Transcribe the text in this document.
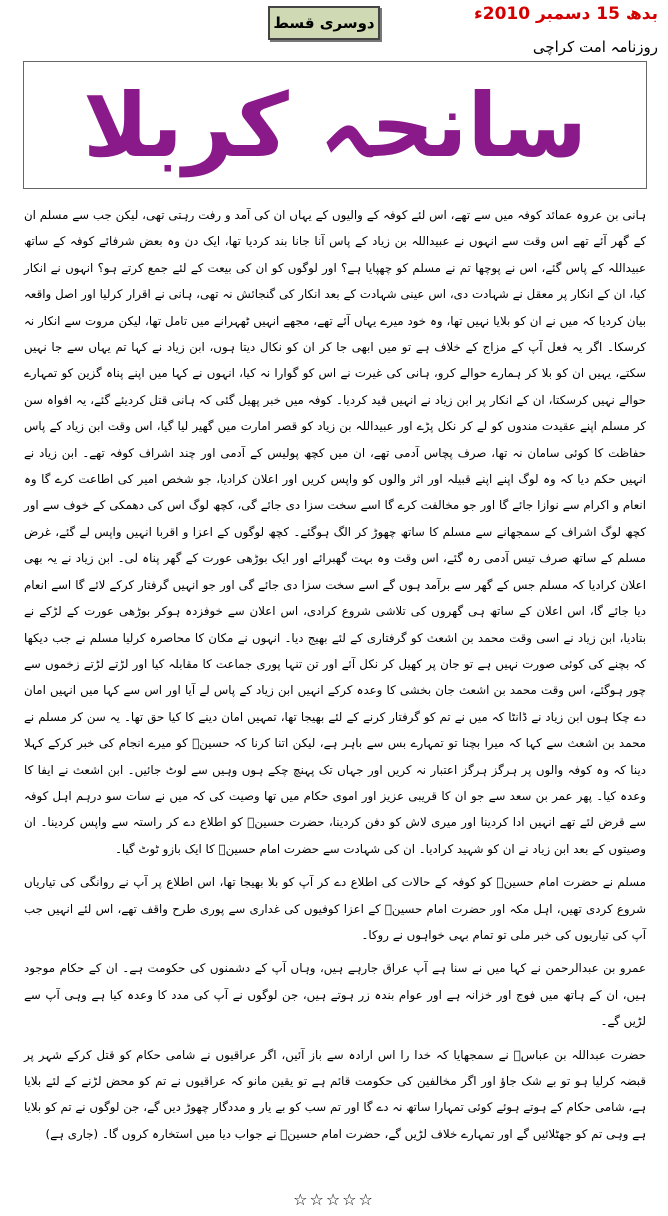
بدھ 15 دسمبر 2010ء
دوسری قسط
روزنامہ امت کراچی
سانحہ کربلا

ہانی بن عروہ عمائد کوفہ میں سے تھے، اس لئے کوفہ کے والیوں کے یہاں ان کی آمد و رفت رہتی تھی، لیکن جب سے مسلم ان کے گھر آئے تھے اس وقت سے انہوں نے عبیداللہ بن زیاد کے پاس آنا جانا بند کردیا تھا، ایک دن وہ بعض شرفائے کوفہ کے ساتھ عبیداللہ کے پاس گئے، اس نے پوچھا تم نے مسلم کو چھپایا ہے؟ اور لوگوں کو ان کی بیعت کے لئے جمع کرتے ہو؟ انہوں نے انکار کیا، ان کے انکار پر معقل نے شہادت دی، اس عینی شہادت کے بعد انکار کی گنجائش نہ تھی، ہانی نے اقرار کرلیا اور اصل واقعہ بیان کردیا کہ میں نے ان کو بلایا نہیں تھا، وہ خود میرے یہاں آئے تھے، مجھے انہیں ٹھہرانے میں تامل تھا، لیکن مروت سے انکار نہ کرسکا۔ اگر یہ فعل آپ کے مزاج کے خلاف ہے تو میں ابھی جا کر ان کو نکال دیتا ہوں، ابن زیاد نے کہا تم یہاں سے جا نہیں سکتے، یہیں ان کو بلا کر ہمارے حوالے کرو، ہانی کی غیرت نے اس کو گوارا نہ کیا، انہوں نے کہا میں اپنے پناہ گزین کو تمہارے حوالے نہیں کرسکتا، ان کے انکار پر ابن زیاد نے انہیں قید کردیا۔ کوفہ میں خبر پھیل گئی کہ ہانی قتل کردیئے گئے، یہ افواہ سن کر مسلم اپنے عقیدت مندوں کو لے کر نکل پڑے اور عبیداللہ بن زیاد کو قصر امارت میں گھیر لیا گیا، اس وقت ابن زیاد کے پاس حفاظت کا کوئی سامان نہ تھا، صرف پچاس آدمی تھے، ان میں کچھ پولیس کے آدمی اور چند اشراف کوفہ تھے۔ ابن زیاد نے انہیں حکم دیا کہ وہ لوگ اپنے اپنے قبیلہ اور اثر والوں کو واپس کریں اور اعلان کرادیا، جو شخص امیر کی اطاعت کرے گا وہ انعام و اکرام سے نوازا جائے گا اور جو مخالفت کرے گا اسے سخت سزا دی جائے گی، کچھ لوگ اس کی دھمکی کے خوف سے اور کچھ لوگ اشراف کے سمجھانے سے مسلم کا ساتھ چھوڑ کر الگ ہوگئے۔ کچھ لوگوں کے اعزا و اقربا انہیں واپس لے گئے، غرض مسلم کے ساتھ صرف تیس آدمی رہ گئے، اس وقت وہ بہت گھبرائے اور ایک بوڑھی عورت کے گھر پناہ لی۔ ابن زیاد نے یہ بھی اعلان کرادیا کہ مسلم جس کے گھر سے برآمد ہوں گے اسے سخت سزا دی جائے گی اور جو انہیں گرفتار کرکے لائے گا اسے انعام دیا جائے گا، اس اعلان کے ساتھ ہی گھروں کی تلاشی شروع کرادی، اس اعلان سے خوفزدہ ہوکر بوڑھی عورت کے لڑکے نے بتادیا، ابن زیاد نے اسی وقت محمد بن اشعث کو گرفتاری کے لئے بھیج دیا۔ انہوں نے مکان کا محاصرہ کرلیا مسلم نے جب دیکھا کہ بچنے کی کوئی صورت نہیں ہے تو جان پر کھیل کر نکل آئے اور تن تنہا پوری جماعت کا مقابلہ کیا اور لڑتے لڑتے زخموں سے چور ہوگئے، اس وقت محمد بن اشعث جان بخشی کا وعدہ کرکے انہیں ابن زیاد کے پاس لے آیا اور اس سے کہا میں انہیں امان دے چکا ہوں ابن زیاد نے ڈانٹا کہ میں نے تم کو گرفتار کرنے کے لئے بھیجا تھا، تمہیں امان دینے کا کیا حق تھا۔ یہ سن کر مسلم نے محمد بن اشعث سے کہا کہ میرا بچنا تو تمہارے بس سے باہر ہے، لیکن اتنا کرنا کہ حسینؓ کو میرے انجام کی خبر کرکے کہلا دینا کہ وہ کوفہ والوں پر ہرگز ہرگز اعتبار نہ کریں اور جہاں تک پہنچ چکے ہوں وہیں سے لوٹ جائیں۔ ابن اشعث نے ایفا کا وعدہ کیا۔ پھر عمر بن سعد سے جو ان کا قریبی عزیز اور اموی حکام میں تھا وصیت کی کہ میں نے سات سو درہم اہل کوفہ سے قرض لئے تھے انہیں ادا کردینا اور میری لاش کو دفن کردینا، حضرت حسینؓ کو اطلاع دے کر راستہ سے واپس کردینا۔ ان وصیتوں کے بعد ابن زیاد نے ان کو شہید کرادیا۔ ان کی شہادت سے حضرت امام حسینؓ کا ایک بازو ٹوٹ گیا۔

مسلم نے حضرت امام حسینؓ کو کوفہ کے حالات کی اطلاع دے کر آپ کو بلا بھیجا تھا، اس اطلاع پر آپ نے روانگی کی تیاریاں شروع کردی تھیں، اہل مکہ اور حضرت امام حسینؓ کے اعزا کوفیوں کی غداری سے پوری طرح واقف تھے، اس لئے انہیں جب آپ کی تیاریوں کی خبر ملی تو تمام بہی خواہوں نے روکا۔

عمرو بن عبدالرحمن نے کہا میں نے سنا ہے آپ عراق جارہے ہیں، وہاں آپ کے دشمنوں کی حکومت ہے۔ ان کے حکام موجود ہیں، ان کے ہاتھ میں فوج اور خزانہ ہے اور عوام بندہ زر ہوتے ہیں، جن لوگوں نے آپ کی مدد کا وعدہ کیا ہے وہی آپ سے لڑیں گے۔

حضرت عبداللہ بن عباسؓ نے سمجھایا کہ خدا را اس ارادہ سے باز آئیں، اگر عراقیوں نے شامی حکام کو قتل کرکے شہر پر قبضہ کرلیا ہو تو بے شک جاؤ اور اگر مخالفین کی حکومت قائم ہے تو یقین مانو کہ عراقیوں نے تم کو محض لڑنے کے لئے بلایا ہے، شامی حکام کے ہوتے ہوئے کوئی تمہارا ساتھ نہ دے گا اور تم سب کو بے یار و مددگار چھوڑ دیں گے، جن لوگوں نے تم کو بلایا ہے وہی تم کو جھٹلائیں گے اور تمہارے خلاف لڑیں گے، حضرت امام حسینؓ نے جواب دیا میں استخارہ کروں گا۔ (جاری ہے)

☆☆☆☆☆
